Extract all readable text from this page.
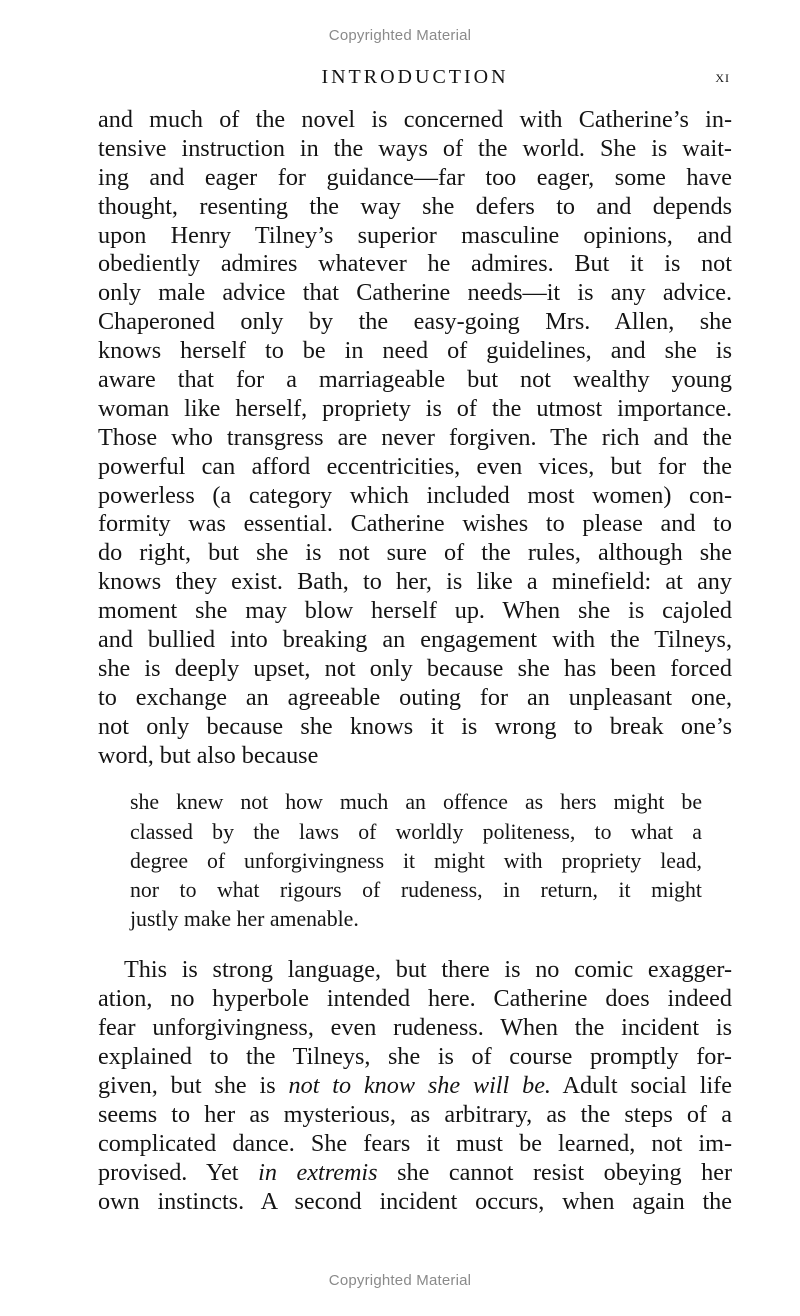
Copyrighted Material
INTRODUCTION	xi
and much of the novel is concerned with Catherine’s in-
tensive instruction in the ways of the world. She is wait-
ing and eager for guidance—far too eager, some have
thought, resenting the way she defers to and depends
upon Henry Tilney’s superior masculine opinions, and
obediently admires whatever he admires. But it is not
only male advice that Catherine needs—it is any advice.
Chaperoned only by the easy-going Mrs. Allen, she
knows herself to be in need of guidelines, and she is
aware that for a marriageable but not wealthy young
woman like herself, propriety is of the utmost importance.
Those who transgress are never forgiven. The rich and the
powerful can afford eccentricities, even vices, but for the
powerless (a category which included most women) con-
formity was essential. Catherine wishes to please and to
do right, but she is not sure of the rules, although she
knows they exist. Bath, to her, is like a minefield: at any
moment she may blow herself up. When she is cajoled
and bullied into breaking an engagement with the Tilneys,
she is deeply upset, not only because she has been forced
to exchange an agreeable outing for an unpleasant one,
not only because she knows it is wrong to break one’s
word, but also because
she knew not how much an offence as hers might be
classed by the laws of worldly politeness, to what a
degree of unforgivingness it might with propriety lead,
nor to what rigours of rudeness, in return, it might
justly make her amenable.
This is strong language, but there is no comic exagger-
ation, no hyperbole intended here. Catherine does indeed
fear unforgivingness, even rudeness. When the incident is
explained to the Tilneys, she is of course promptly for-
given, but she is not to know she will be. Adult social life
seems to her as mysterious, as arbitrary, as the steps of a
complicated dance. She fears it must be learned, not im-
provised. Yet in extremis she cannot resist obeying her
own instincts. A second incident occurs, when again the
Copyrighted Material
